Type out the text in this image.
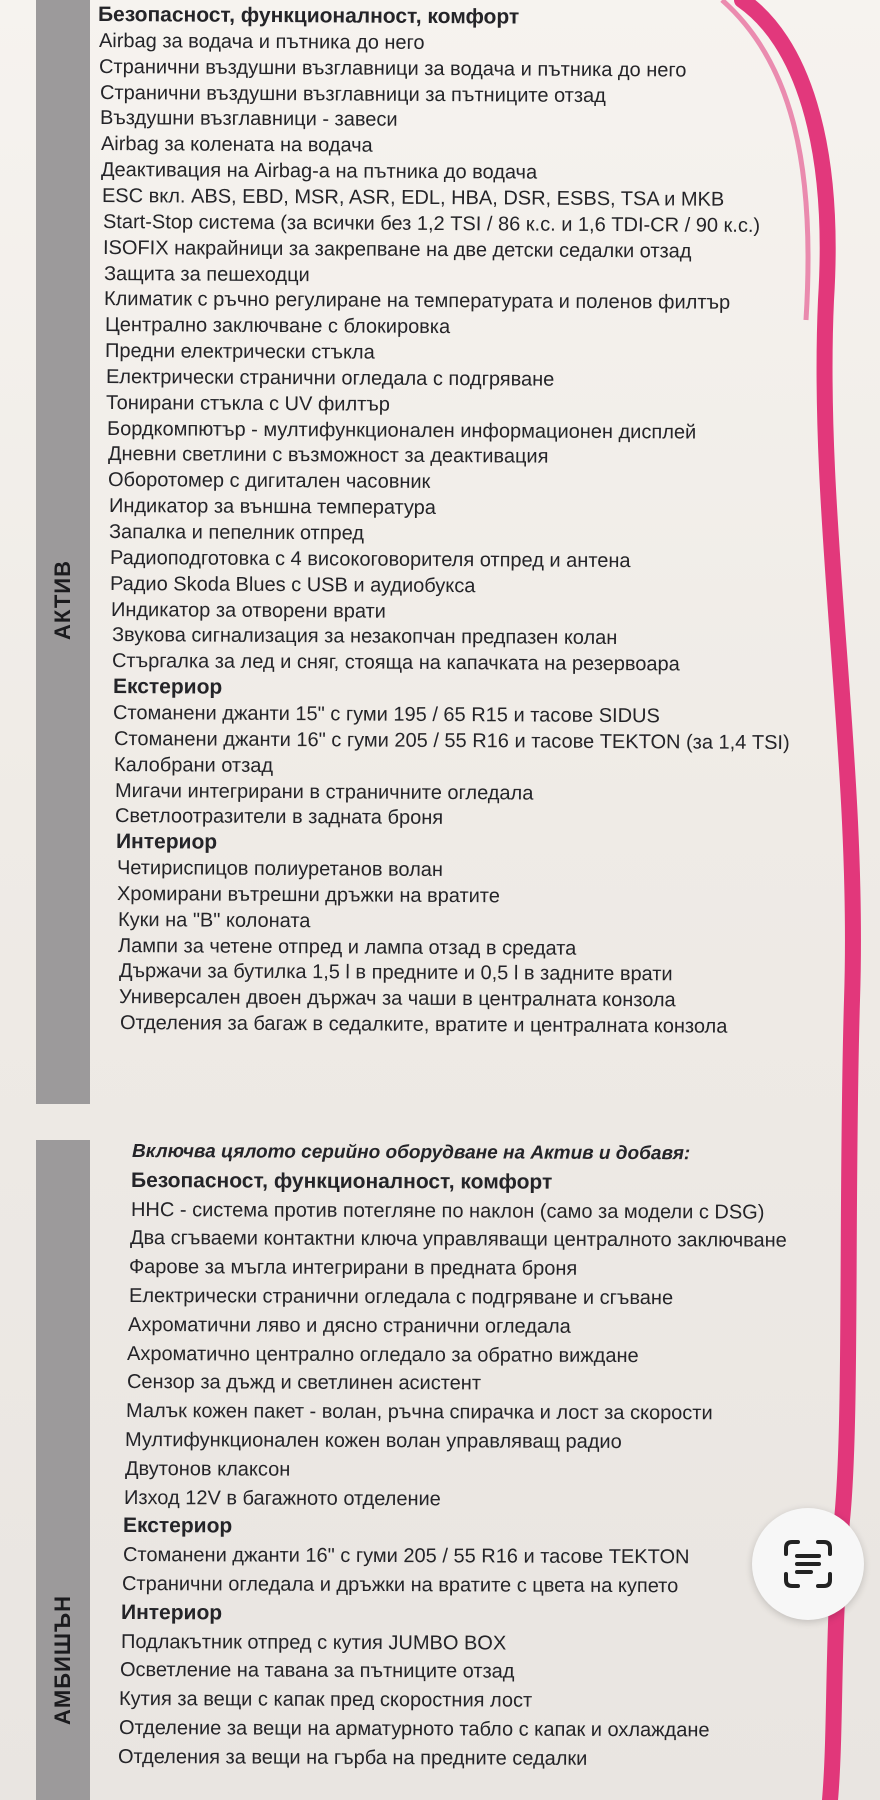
АКТИВ
АМБИШЪН
Безопасност, функционалност, комфорт
Airbag за водача и пътника до него
Странични въздушни възглавници за водача и пътника до него
Странични въздушни възглавници за пътниците отзад
Въздушни възглавници - завеси
Airbag за колената на водача
Деактивация на Airbag-а на пътника до водача
ESC вкл. ABS, EBD, MSR, ASR, EDL, HBA, DSR, ESBS, TSA и MKB
Start-Stop система (за всички без 1,2 TSI / 86 к.с. и 1,6 TDI-CR / 90 к.с.)
ISOFIX накрайници за закрепване на две детски седалки отзад
Защита за пешеходци
Климатик с ръчно регулиране на температурата и поленов филтър
Централно заключване с блокировка
Предни електрически стъкла
Електрически странични огледала с подгряване
Тонирани стъкла с UV филтър
Бордкомпютър - мултифункционален информационен дисплей
Дневни светлини с възможност за деактивация
Оборотомер с дигитален часовник
Индикатор за външна температура
Запалка и пепелник отпред
Радиоподготовка с 4 високоговорителя отпред и антена
Радио Skoda Blues с USB и аудиобукса
Индикатор за отворени врати
Звукова сигнализация за незакопчан предпазен колан
Стъргалка за лед и сняг, стояща на капачката на резервоара
Екстериор
Стоманени джанти 15" с гуми 195 / 65 R15 и тасове SIDUS
Стоманени джанти 16" с гуми 205 / 55 R16 и тасове TEKTON (за 1,4 TSI)
Калобрани отзад
Мигачи интегрирани в страничните огледала
Светлоотразители в задната броня
Интериор
Четириспицов полиуретанов волан
Хромирани вътрешни дръжки на вратите
Куки на "B" колоната
Лампи за четене отпред и лампа отзад в средата
Държачи за бутилка 1,5 l в предните и 0,5 l в задните врати
Универсален двоен държач за чаши в централната конзола
Отделения за багаж в седалките, вратите и централната конзола
Включва цялото серийно оборудване на Актив и добавя:
Безопасност, функционалност, комфорт
HHC - система против потегляне по наклон (само за модели с DSG)
Два сгъваеми контактни ключа управляващи централното заключване
Фарове за мъгла интегрирани в предната броня
Електрически странични огледала с подгряване и сгъване
Ахроматични ляво и дясно странични огледала
Ахроматично централно огледало за обратно виждане
Сензор за дъжд и светлинен асистент
Малък кожен пакет - волан, ръчна спирачка и лост за скорости
Мултифункционален кожен волан управляващ радио
Двутонов клаксон
Изход 12V в багажното отделение
Екстериор
Стоманени джанти 16" с гуми 205 / 55 R16 и тасове TEKTON
Странични огледала и дръжки на вратите с цвета на купето
Интериор
Подлакътник отпред с кутия JUMBO BOX
Осветление на тавана за пътниците отзад
Кутия за вещи с капак пред скоростния лост
Отделение за вещи на арматурното табло с капак и охлаждане
Отделения за вещи на гърба на предните седалки
